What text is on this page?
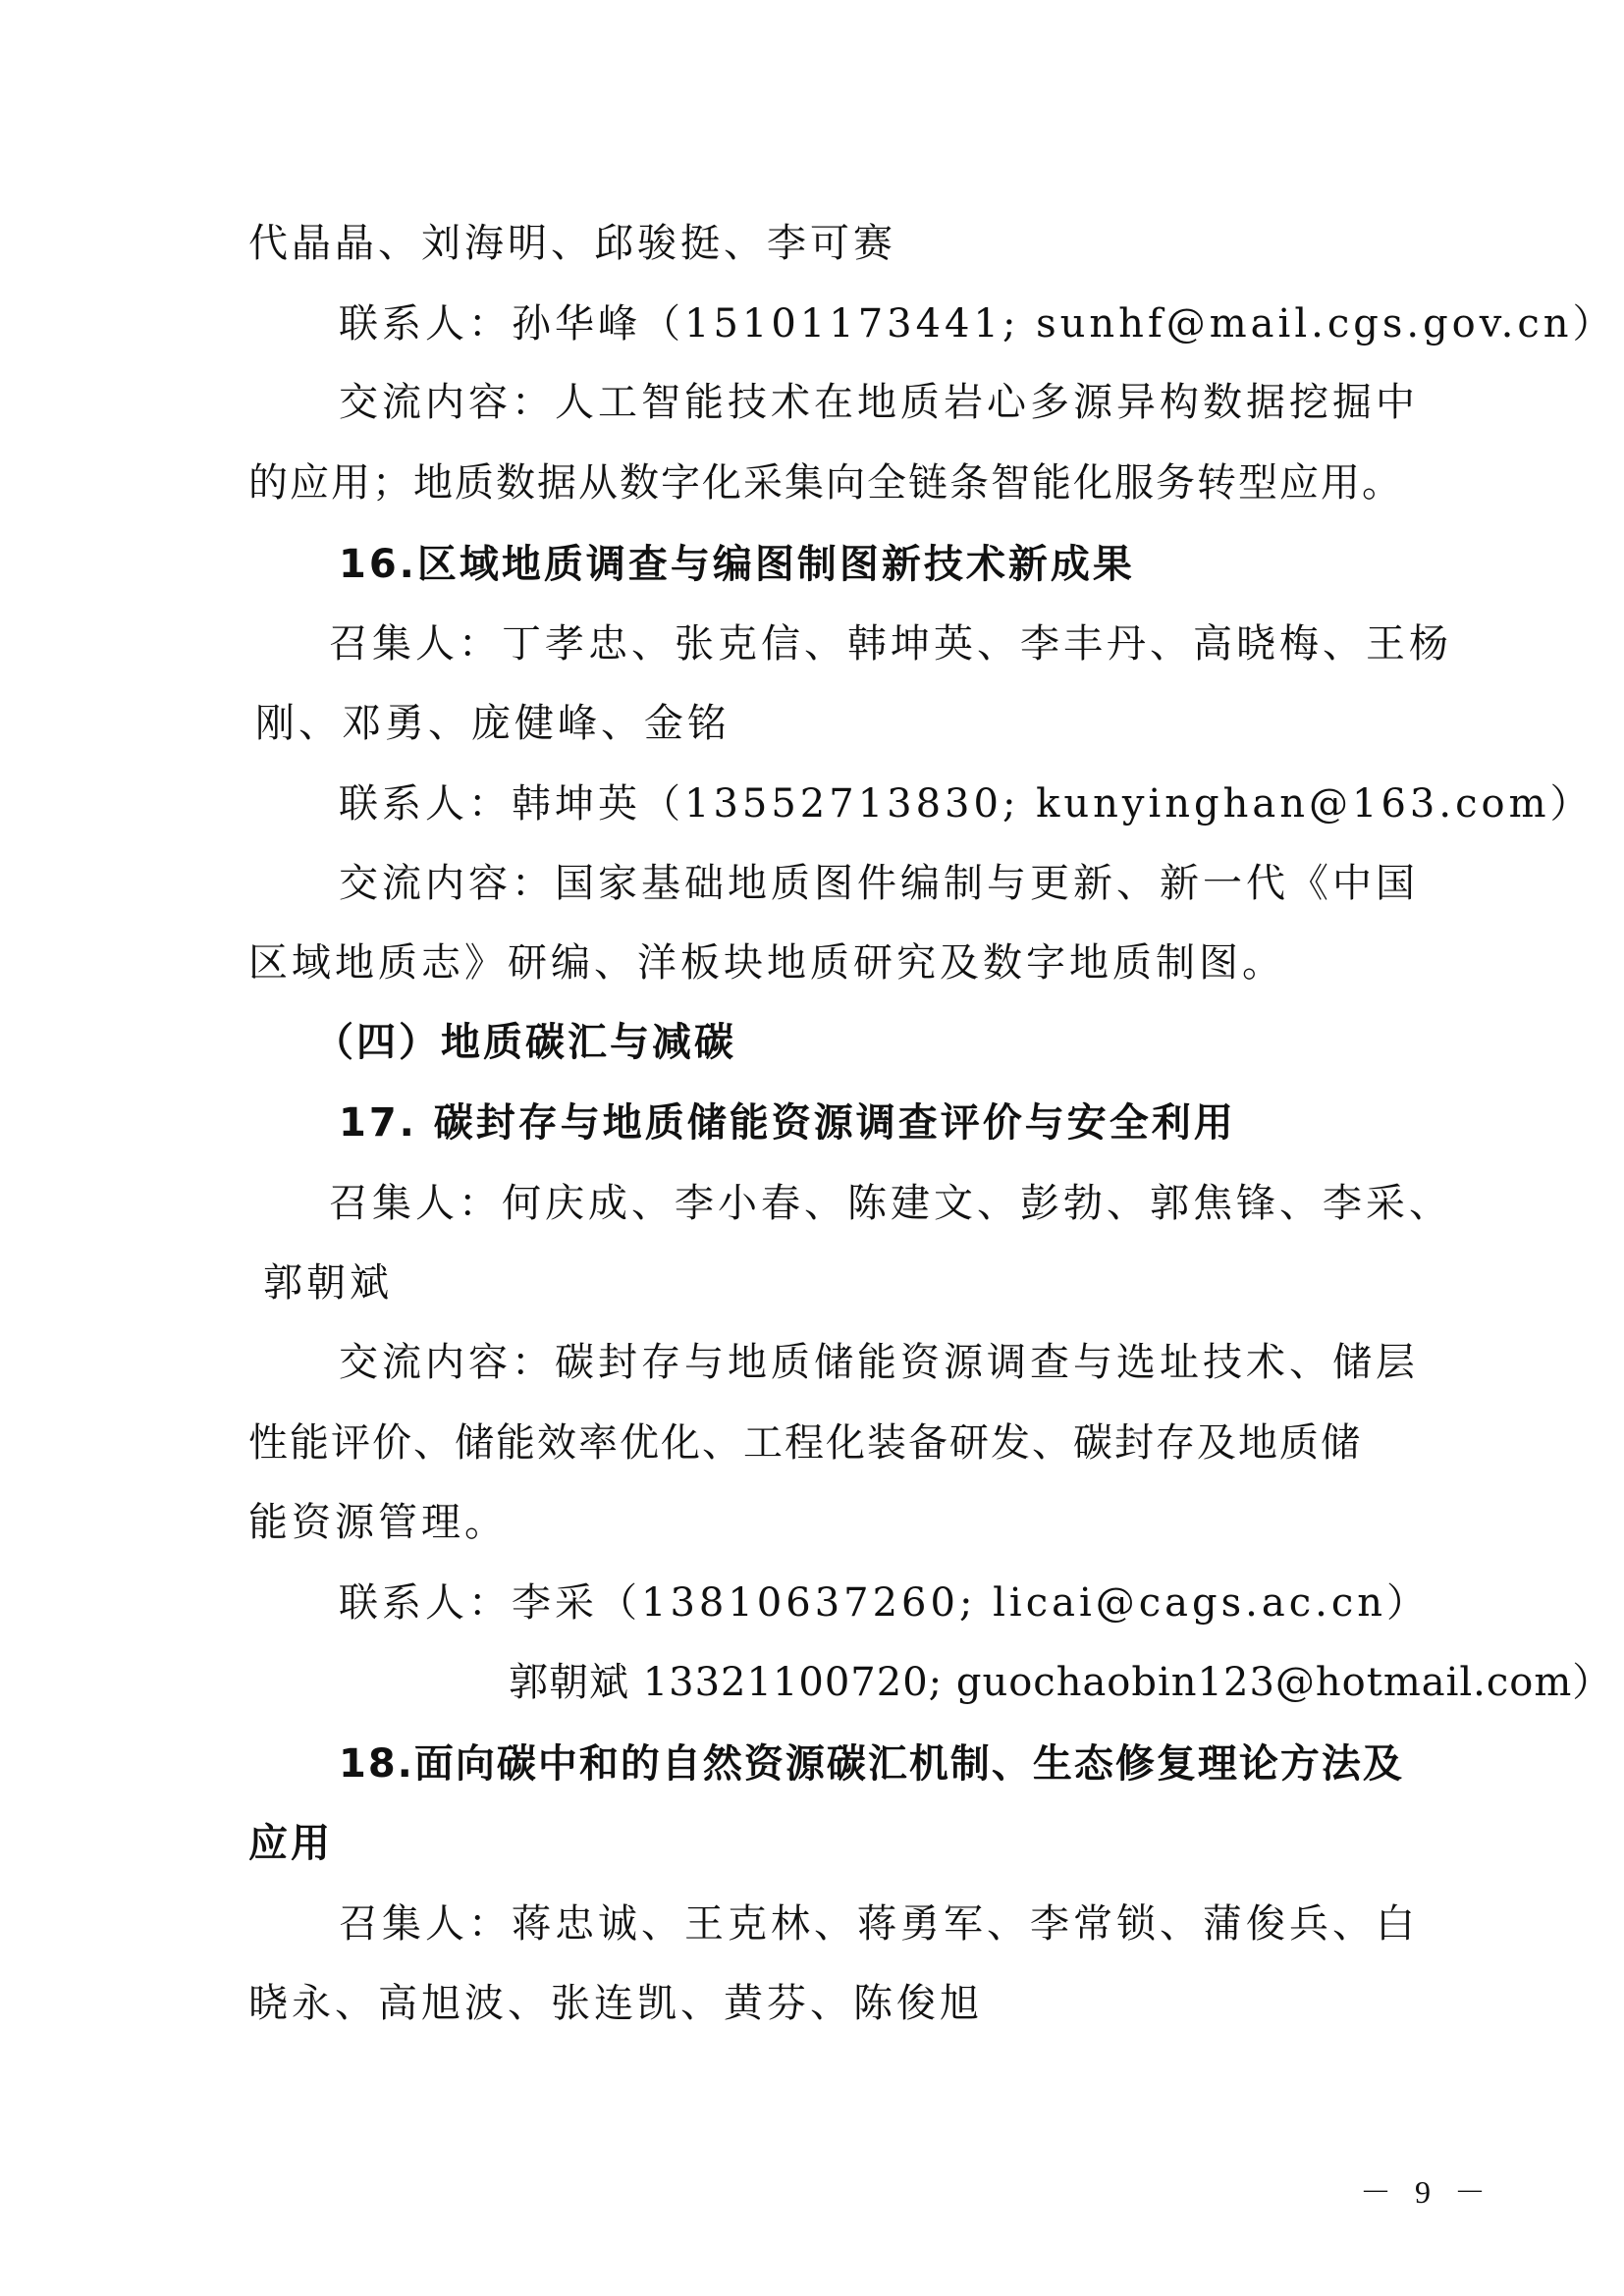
代晶晶、刘海明、邱骏挺、李可赛
联系人：孙华峰（15101173441; sunhf@mail.cgs.gov.cn）
交流内容：人工智能技术在地质岩心多源异构数据挖掘中
的应用；地质数据从数字化采集向全链条智能化服务转型应用。
16.区域地质调查与编图制图新技术新成果
召集人：丁孝忠、张克信、韩坤英、李丰丹、高晓梅、王杨
刚、邓勇、庞健峰、金铭
联系人：韩坤英（13552713830; kunyinghan@163.com）
交流内容：国家基础地质图件编制与更新、新一代《中国
区域地质志》研编、洋板块地质研究及数字地质制图。
（四）地质碳汇与减碳
17. 碳封存与地质储能资源调查评价与安全利用
召集人：何庆成、李小春、陈建文、彭勃、郭焦锋、李采、
郭朝斌
交流内容：碳封存与地质储能资源调查与选址技术、储层
性能评价、储能效率优化、工程化装备研发、碳封存及地质储
能资源管理。
联系人：李采（13810637260; licai@cags.ac.cn）
郭朝斌 13321100720; guochaobin123@hotmail.com）
18.面向碳中和的自然资源碳汇机制、生态修复理论方法及
应用
召集人：蒋忠诚、王克林、蒋勇军、李常锁、蒲俊兵、白
晓永、高旭波、张连凯、黄芬、陈俊旭
－ 9 －
